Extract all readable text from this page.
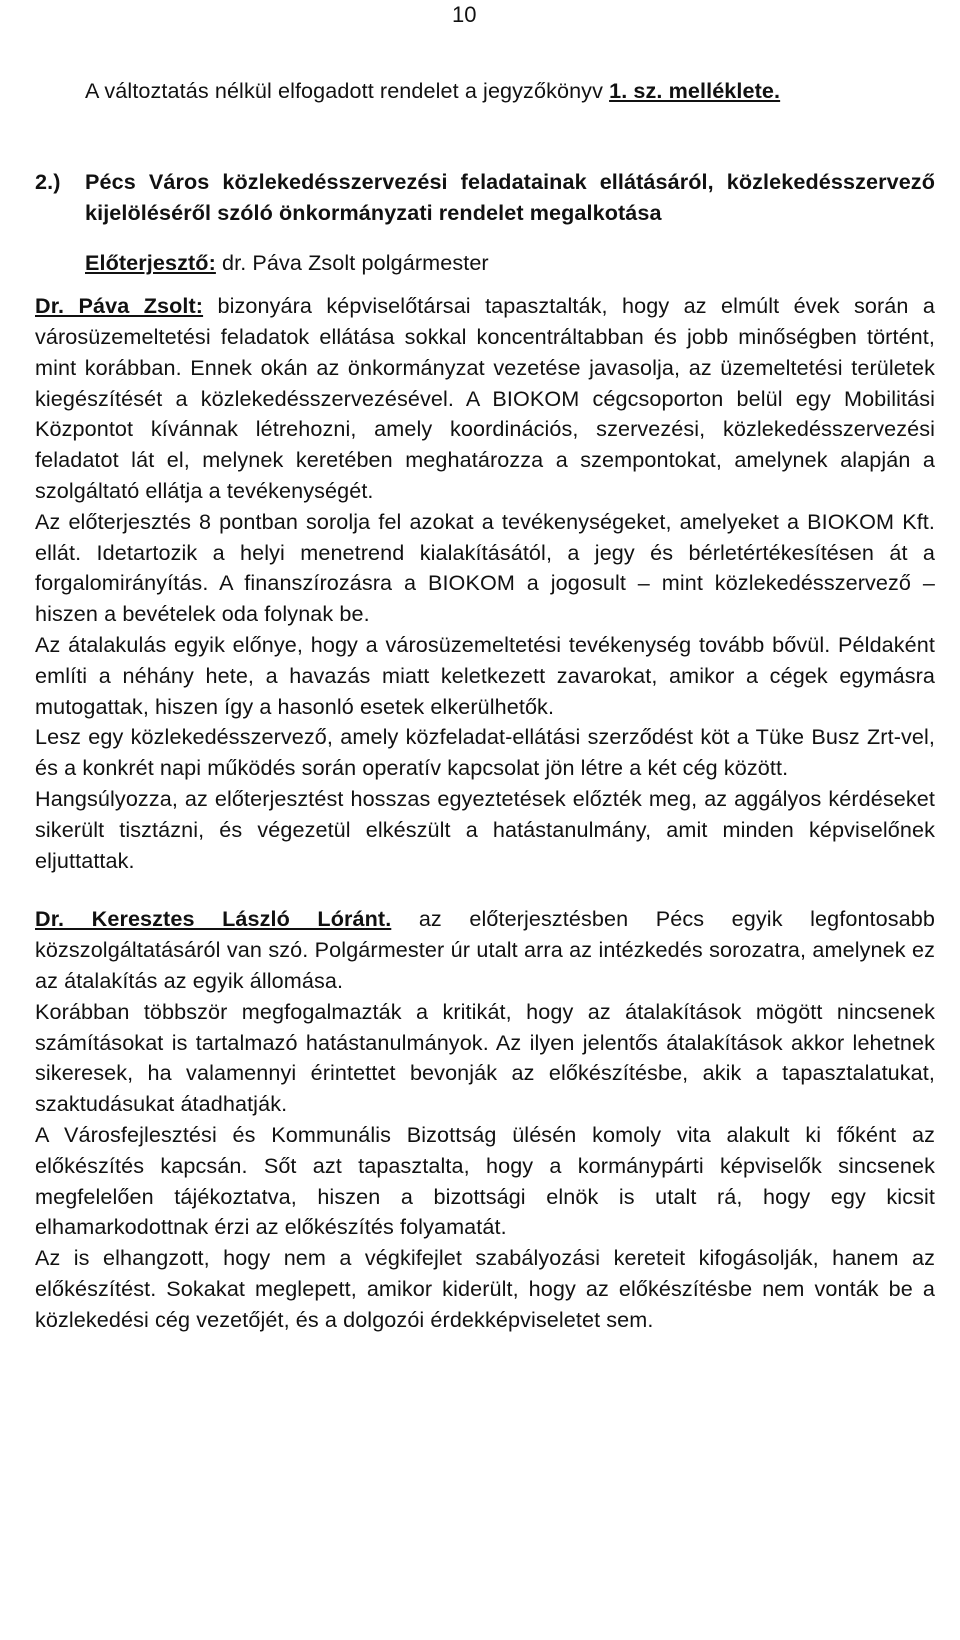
10

A változtatás nélkül elfogadott rendelet a jegyzőkönyv 1. sz. melléklete.

2.)	Pécs Város közlekedésszervezési feladatainak ellátásáról, közlekedésszervező kijelöléséről szóló önkormányzati rendelet megalkotása
Előterjesztő: dr. Páva Zsolt polgármester

Dr. Páva Zsolt: bizonyára képviselőtársai tapasztalták, hogy az elmúlt évek során a városüzemeltetési feladatok ellátása sokkal koncentráltabban és jobb minőségben történt, mint korábban. Ennek okán az önkormányzat vezetése javasolja, az üzemeltetési területek kiegészítését a közlekedésszervezésével. A BIOKOM cégcsoporton belül egy Mobilitási Központot kívánnak létrehozni, amely koordinációs, szervezési, közlekedésszervezési feladatot lát el, melynek keretében meghatározza a szempontokat, amelynek alapján a szolgáltató ellátja a tevékenységét.

Az előterjesztés 8 pontban sorolja fel azokat a tevékenységeket, amelyeket a BIOKOM Kft. ellát. Idetartozik a helyi menetrend kialakításától, a jegy és bérletértékesítésen át a forgalomirányítás. A finanszírozásra a BIOKOM a jogosult – mint közlekedésszervező – hiszen a bevételek oda folynak be.

Az átalakulás egyik előnye, hogy a városüzemeltetési tevékenység tovább bővül. Példaként említi a néhány hete, a havazás miatt keletkezett zavarokat, amikor a cégek egymásra mutogattak, hiszen így a hasonló esetek elkerülhetők.

Lesz egy közlekedésszervező, amely közfeladat-ellátási szerződést köt a Tüke Busz Zrt-vel, és a konkrét napi működés során operatív kapcsolat jön létre a két cég között.

Hangsúlyozza, az előterjesztést hosszas egyeztetések előzték meg, az aggályos kérdéseket sikerült tisztázni, és végezetül elkészült a hatástanulmány, amit minden képviselőnek eljuttattak.

Dr. Keresztes László Lóránt. az előterjesztésben Pécs egyik legfontosabb közszolgáltatásáról van szó. Polgármester úr utalt arra az intézkedés sorozatra, amelynek ez az átalakítás az egyik állomása.

Korábban többször megfogalmazták a kritikát, hogy az átalakítások mögött nincsenek számításokat is tartalmazó hatástanulmányok. Az ilyen jelentős átalakítások akkor lehetnek sikeresek, ha valamennyi érintettet bevonják az előkészítésbe, akik a tapasztalatukat, szaktudásukat átadhatják.

A Városfejlesztési és Kommunális Bizottság ülésén komoly vita alakult ki főként az előkészítés kapcsán. Sőt azt tapasztalta, hogy a kormánypárti képviselők sincsenek megfelelően tájékoztatva, hiszen a bizottsági elnök is utalt rá, hogy egy kicsit elhamarkodottnak érzi az előkészítés folyamatát.

Az is elhangzott, hogy nem a végkifejlet szabályozási kereteit kifogásolják, hanem az előkészítést. Sokakat meglepett, amikor kiderült, hogy az előkészítésbe nem vonták be a közlekedési cég vezetőjét, és a dolgozói érdekképviseletet sem.
